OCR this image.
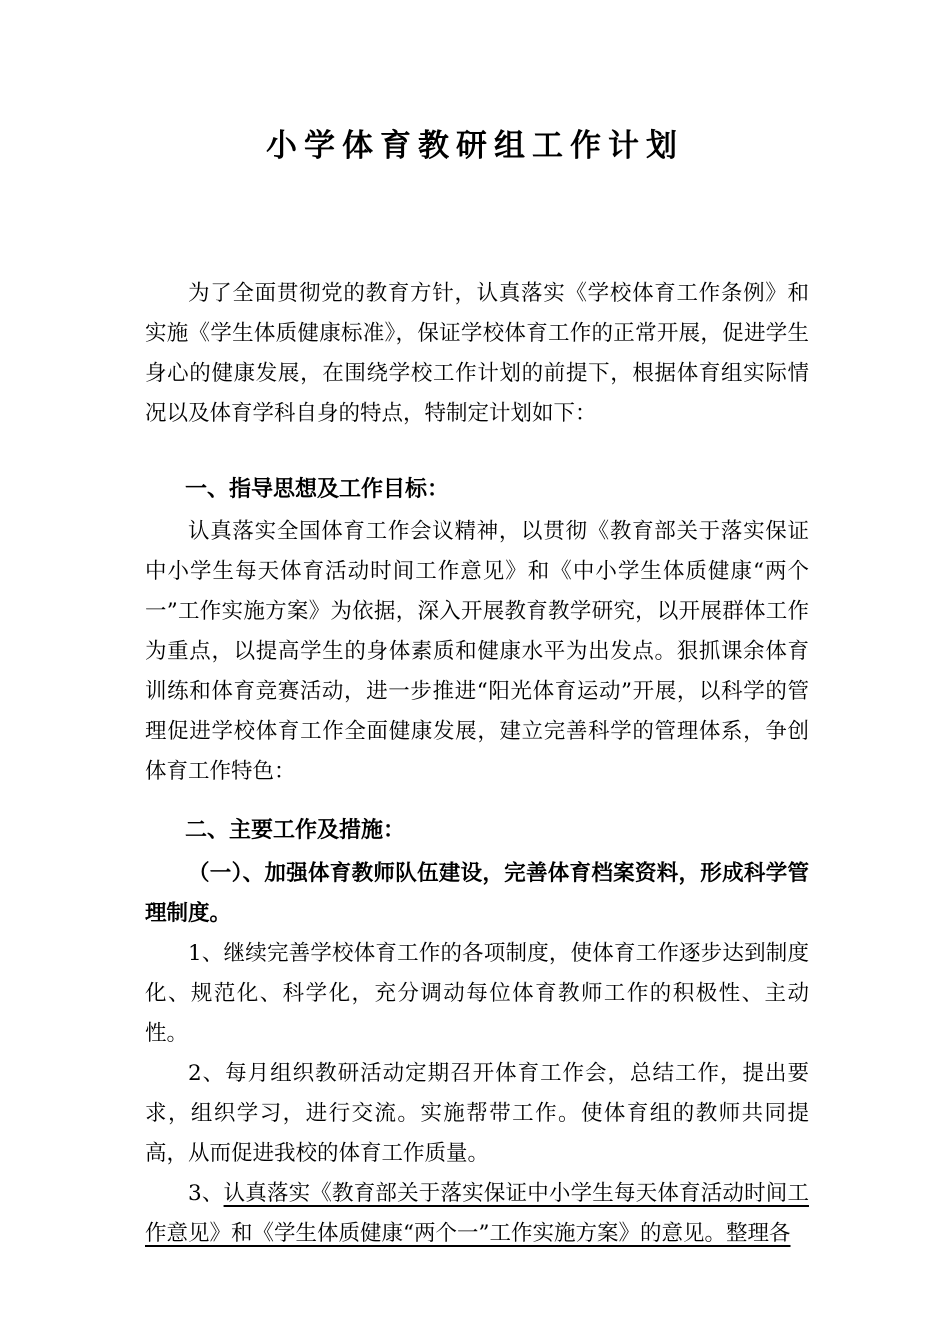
小学体育教研组工作计划

为了全面贯彻党的教育方针，认真落实《学校体育工作条例》和实施《学生体质健康标准》，保证学校体育工作的正常开展，促进学生身心的健康发展，在围绕学校工作计划的前提下，根据体育组实际情况以及体育学科自身的特点，特制定计划如下：

一、指导思想及工作目标：

认真落实全国体育工作会议精神，以贯彻《教育部关于落实保证中小学生每天体育活动时间工作意见》和《中小学生体质健康“两个一”工作实施方案》为依据，深入开展教育教学研究，以开展群体工作为重点，以提高学生的身体素质和健康水平为出发点。狠抓课余体育训练和体育竞赛活动，进一步推进“阳光体育运动”开展，以科学的管理促进学校体育工作全面健康发展，建立完善科学的管理体系，争创体育工作特色：

二、主要工作及措施：

（一）、加强体育教师队伍建设，完善体育档案资料，形成科学管理制度。

1、继续完善学校体育工作的各项制度，使体育工作逐步达到制度化、规范化、科学化，充分调动每位体育教师工作的积极性、主动性。

2、每月组织教研活动定期召开体育工作会，总结工作，提出要求，组织学习，进行交流。实施帮带工作。使体育组的教师共同提高，从而促进我校的体育工作质量。

3、认真落实《教育部关于落实保证中小学生每天体育活动时间工作意见》和《学生体质健康“两个一”工作实施方案》的意见。整理各
